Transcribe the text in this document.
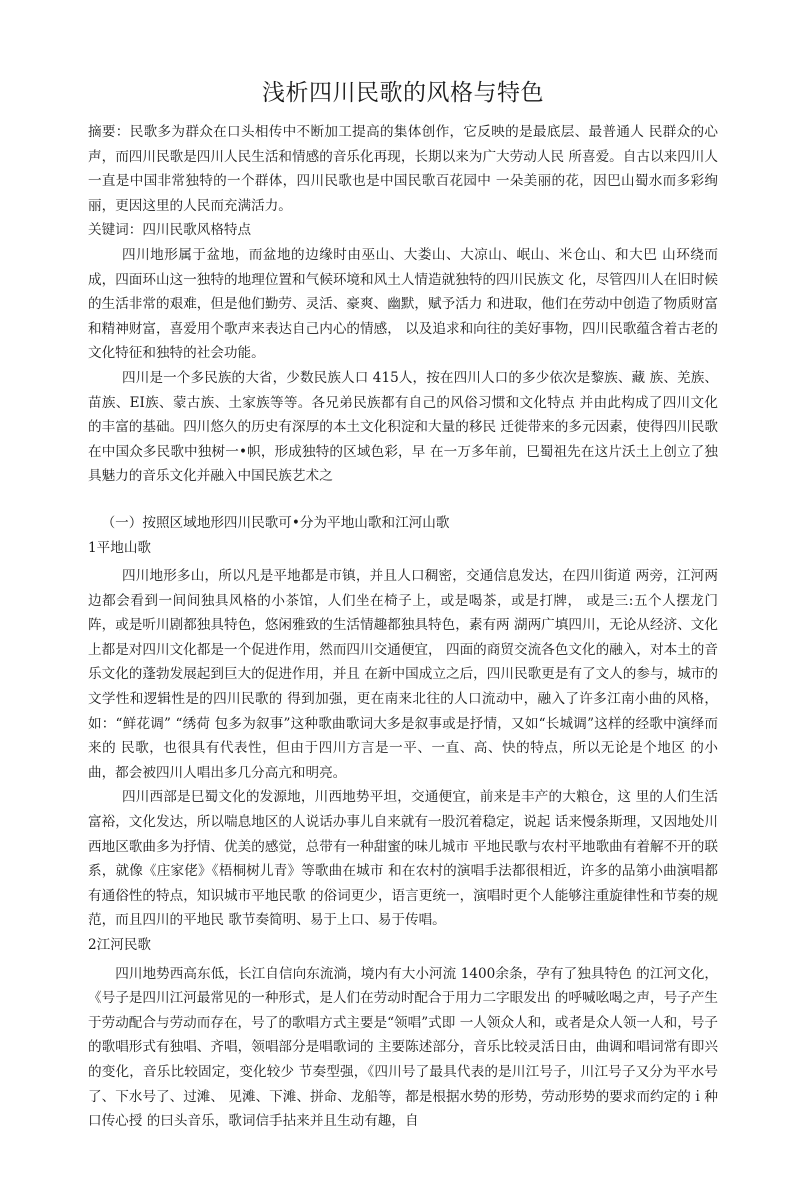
浅析四川民歌的风格与特色

摘要：民歌多为群众在口头相传中不断加工提高的集体创作，它反映的是最底层、最普通人 民群众的心声，而四川民歌是四川人民生活和情感的音乐化再现，长期以来为广大劳动人民 所喜爱。自古以来四川人一直是中国非常独特的一个群体，四川民歌也是中国民歌百花园中 一朵美丽的花，因巴山蜀水而多彩绚丽，更因这里的人民而充满活力。

关键词：四川民歌风格特点

四川地形属于盆地，而盆地的边缘时由巫山、大娄山、大凉山、岷山、米仓山、和大巴 山环绕而成，四面环山这一独特的地理位置和气候环境和风土人情造就独特的四川民族文 化，尽管四川人在旧时候的生活非常的艰难，但是他们勤劳、灵活、豪爽、幽默，赋予活力 和进取，他们在劳动中创造了物质财富和精神财富，喜爱用个歌声来表达自己内心的情感， 以及追求和向往的美好事物，四川民歌蕴含着古老的文化特征和独特的社会功能。

四川是一个多民族的大省，少数民族人口 415人，按在四川人口的多少依次是黎族、藏 族、羌族、苗族、EI族、蒙古族、土家族等等。各兄弟民族都有自己的风俗习惯和文化特点 并由此构成了四川文化的丰富的基础。四川悠久的历史有深厚的本土文化积淀和大量的移民 迁徙带来的多元因素，使得四川民歌在中国众多民歌中独树一•帜，形成独特的区域色彩，早 在一万多年前，巳蜀祖先在这片沃土上创立了独具魅力的音乐文化并融入中国民族艺术之

（一）按照区域地形四川民歌可•分为平地山歌和江河山歌

1平地山歌

四川地形多山，所以凡是平地都是市镇，并且人口稠密，交通信息发达，在四川街道 两旁，江河两边都会看到一间间独具风格的小茶馆，人们坐在椅子上，或是喝茶，或是打牌， 或是三:五个人摆龙门阵，或是听川剧都独具特色，悠闲雅致的生活情趣都独具特色，素有两 湖两广填四川，无论从经济、文化上都是对四川文化都是一个促进作用，然而四川交通便宜， 四面的商贸交流各色文化的融入，对本土的音乐文化的蓬勃发展起到巨大的促进作用，并且 在新中国成立之后，四川民歌更是有了文人的参与，城市的文学性和逻辑性是的四川民歌的 得到加强，更在南来北往的人口流动中，融入了许多江南小曲的风格，如：“鲜花调” “绣荷 包多为叙事”这种歌曲歌词大多是叙事或是抒情，又如“长城调”这样的经歌中演绎而来的 民歌，也很具有代表性，但由于四川方言是一平、一直、高、快的特点，所以无论是个地区 的小曲，都会被四川人唱出多几分高亢和明亮。

四川西部是巳蜀文化的发源地，川西地势平坦，交通便宜，前来是丰产的大粮仓，这 里的人们生活富裕，文化发达，所以喘息地区的人说话办事儿自来就有一股沉着稳定，说起 话来慢条斯理，又因地处川西地区歌曲多为抒情、优美的感觉，总带有一种甜蜜的味儿城市 平地民歌与农村平地歌曲有着解不开的联系，就像《庄家佬》《梧桐树儿青》等歌曲在城市 和在农村的演唱手法都很相近，许多的品第小曲演唱都有通俗性的特点，知识城市平地民歌 的俗词更少，语言更统一，演唱时更个人能够注重旋律性和节奏的规范，而且四川的平地民 歌节奏简明、易于上口、易于传唱。

2江河民歌

四川地势西高东低，长江自信向东流淌，境内有大小河流 1400余条，孕有了独具特色 的江河文化，《号子是四川江河最常见的一种形式，是人们在劳动时配合于用力二字眼发出 的呼喊吆喝之声，号子产生于劳动配合与劳动而存在，号了的歌唱方式主要是“领唱”式即 一人领众人和，或者是众人领一人和，号子的歌唱形式有独唱、齐唱，领唱部分是唱歌词的 主要陈述部分，音乐比较灵活日由，曲调和唱词常有即兴的变化，音乐比较固定，变化较少 节奏型强，《四川号了最具代表的是川江号子，川江号子又分为平水号了、下水号了、过滩、 见滩、下滩、拼命、龙船等，都是根据水势的形势，劳动形势的要求而约定的ｉ种口传心授 的曰头音乐，歌词信手拈来并且生动有趣，自
